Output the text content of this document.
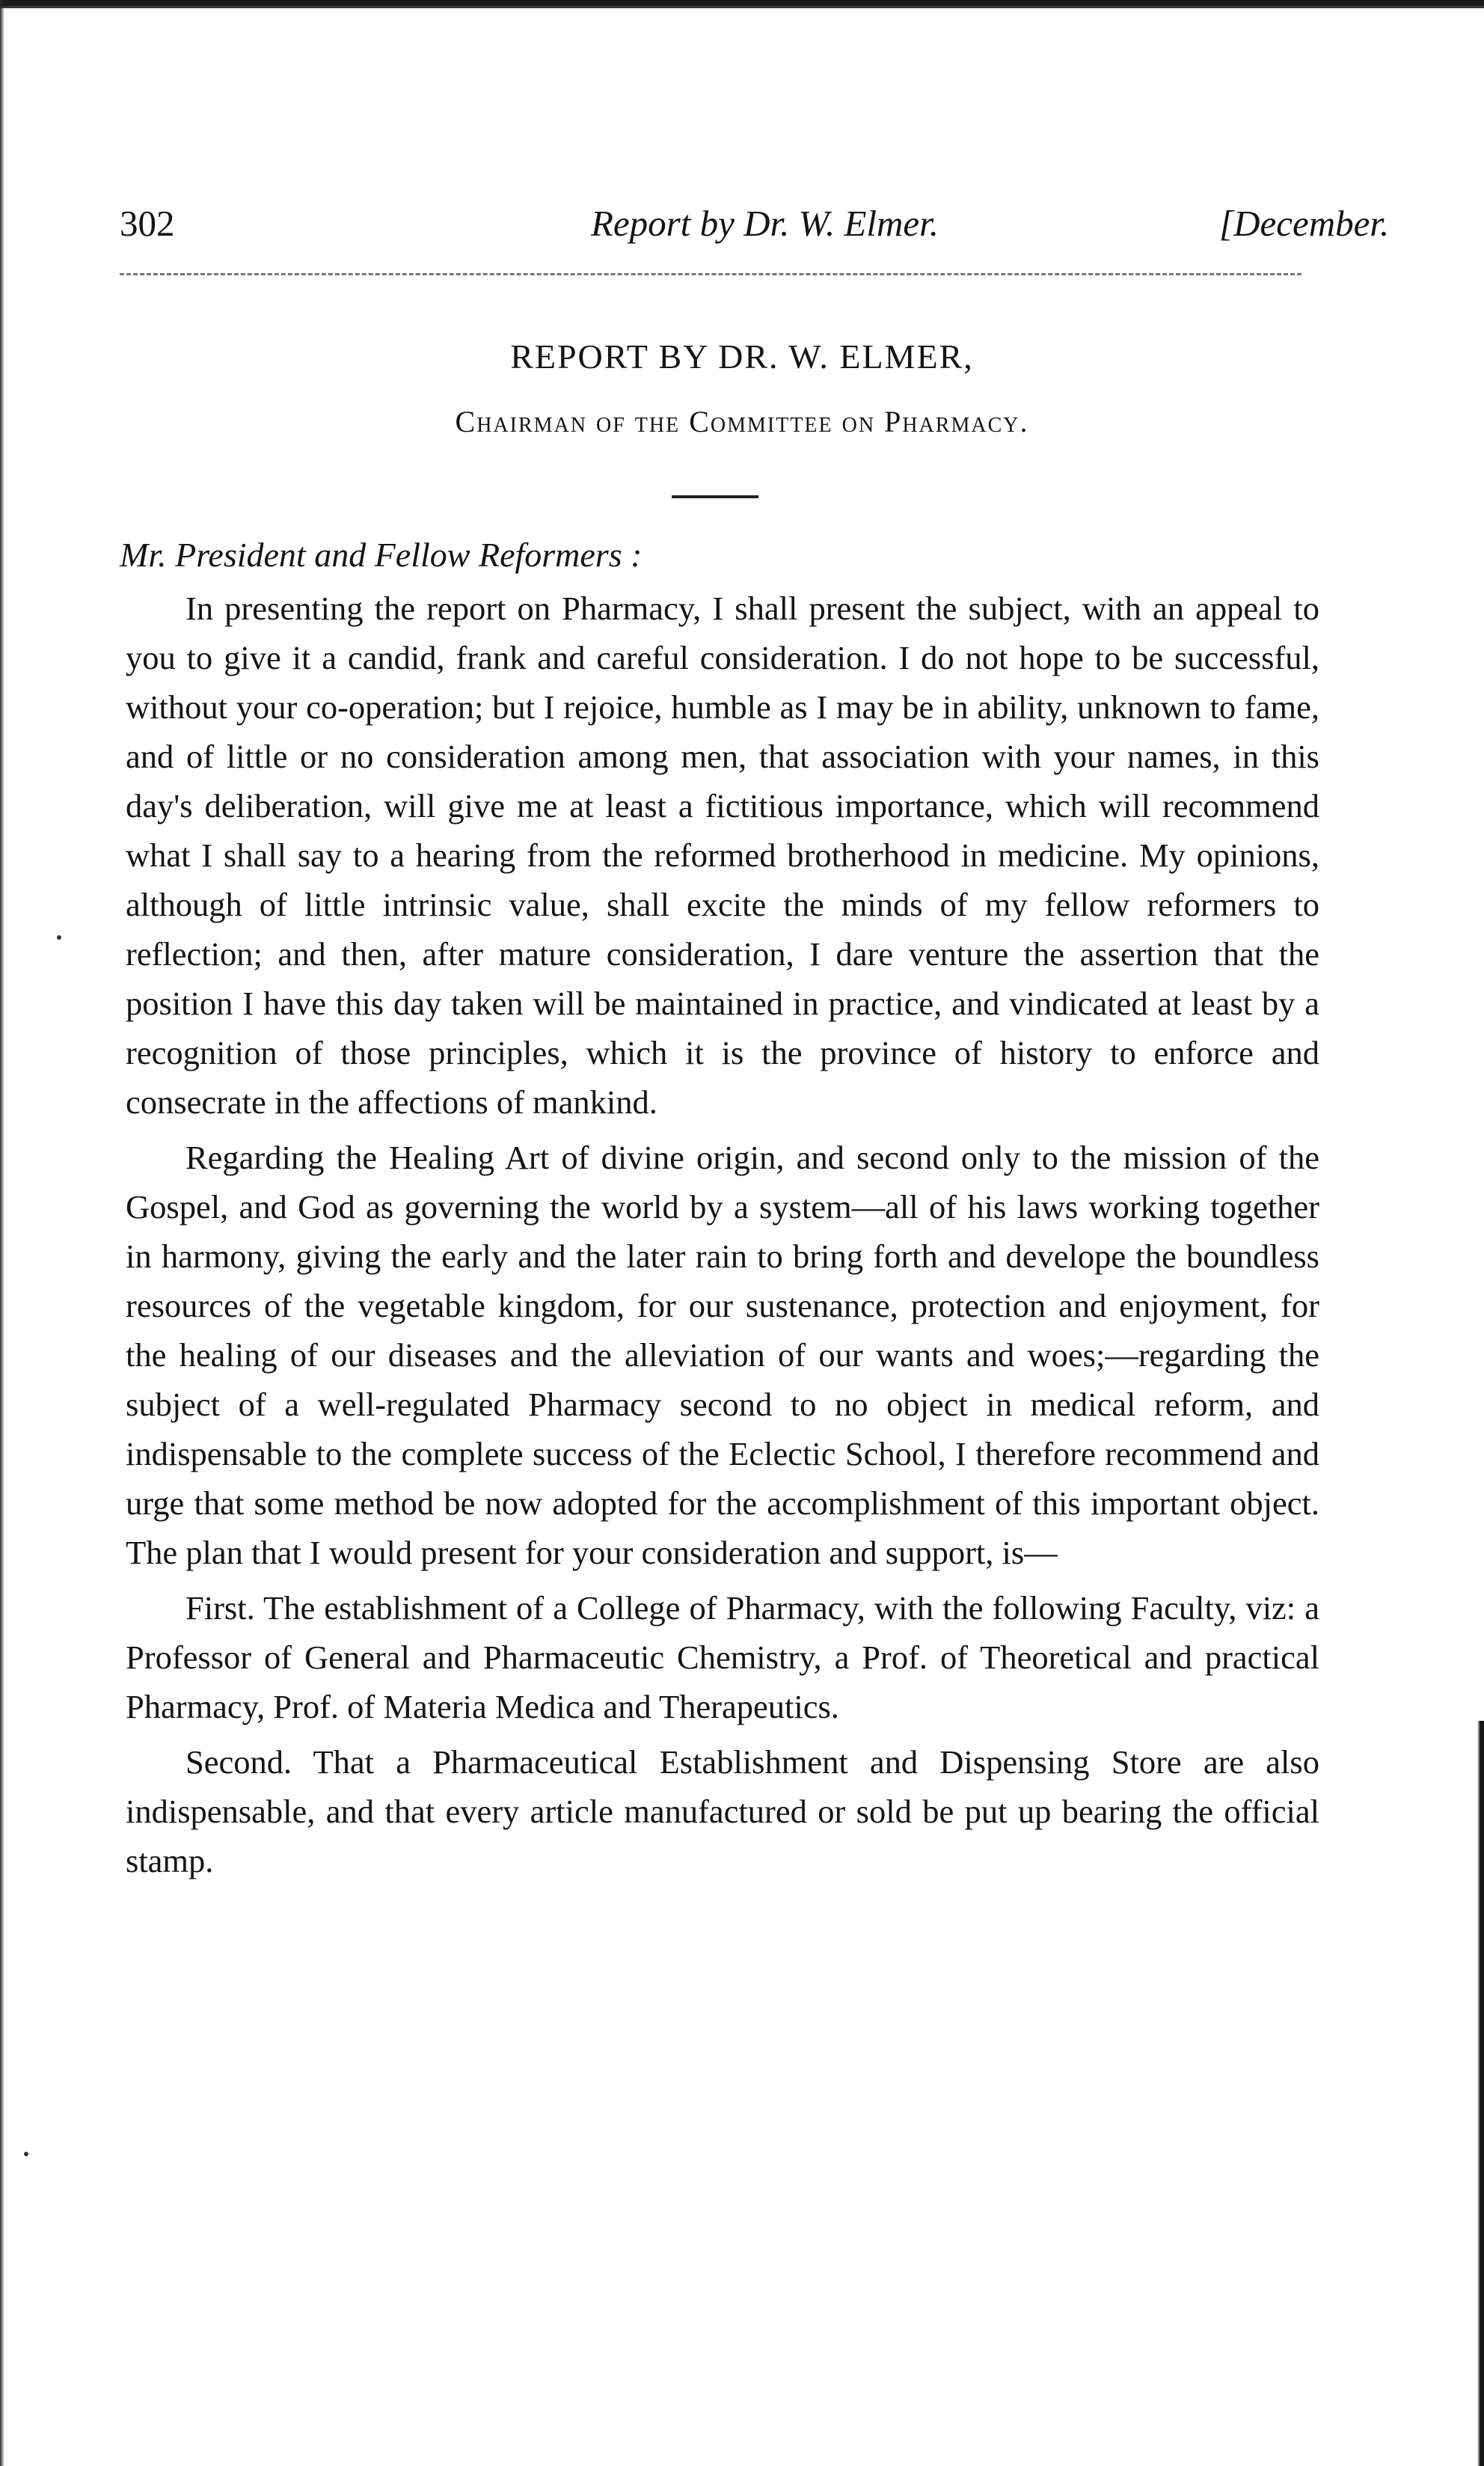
302	Report by Dr. W. Elmer.	[December.
REPORT BY DR. W. ELMER,
Chairman of the Committee on Pharmacy.
Mr. President and Fellow Reformers :

In presenting the report on Pharmacy, I shall present the subject, with an appeal to you to give it a candid, frank and careful consideration. I do not hope to be successful, without your co-operation; but I rejoice, humble as I may be in ability, unknown to fame, and of little or no consideration among men, that association with your names, in this day's deliberation, will give me at least a fictitious importance, which will recommend what I shall say to a hearing from the reformed brotherhood in medicine. My opinions, although of little intrinsic value, shall excite the minds of my fellow reformers to reflection; and then, after mature consideration, I dare venture the assertion that the position I have this day taken will be maintained in practice, and vindicated at least by a recognition of those principles, which it is the province of history to enforce and consecrate in the affections of mankind.

Regarding the Healing Art of divine origin, and second only to the mission of the Gospel, and God as governing the world by a system—all of his laws working together in harmony, giving the early and the later rain to bring forth and develope the boundless resources of the vegetable kingdom, for our sustenance, protection and enjoyment, for the healing of our diseases and the alleviation of our wants and woes;—regarding the subject of a well-regulated Pharmacy second to no object in medical reform, and indispensable to the complete success of the Eclectic School, I therefore recommend and urge that some method be now adopted for the accomplishment of this important object. The plan that I would present for your consideration and support, is—

First. The establishment of a College of Pharmacy, with the following Faculty, viz: a Professor of General and Pharmaceutic Chemistry, a Prof. of Theoretical and practical Pharmacy, Prof. of Materia Medica and Therapeutics.

Second. That a Pharmaceutical Establishment and Dispensing Store are also indispensable, and that every article manufactured or sold be put up bearing the official stamp.
